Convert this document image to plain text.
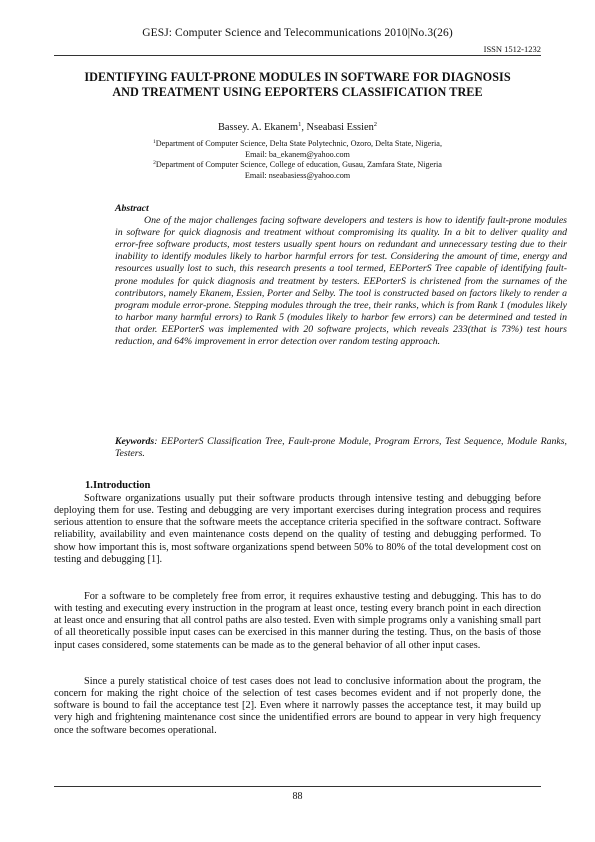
GESJ: Computer Science and Telecommunications 2010|No.3(26)
ISSN 1512-1232
IDENTIFYING FAULT-PRONE MODULES IN SOFTWARE FOR DIAGNOSIS
AND TREATMENT USING EEPORTERS CLASSIFICATION TREE
Bassey. A. Ekanem$^1$, Nseabasi Essien$^2$
$^1$Department of Computer Science, Delta State Polytechnic, Ozoro, Delta State, Nigeria,
Email: ba_ekanem@yahoo.com
$^2$Department of Computer Science, College of education, Gusau, Zamfara State, Nigeria
Email: nseabasiess@yahoo.com
Abstract

One of the major challenges facing software developers and testers is how to identify fault-prone modules in software for quick diagnosis and treatment without compromising its quality. In a bit to deliver quality and error-free software products, most testers usually spent hours on redundant and unnecessary testing due to their inability to identify modules likely to harbor harmful errors for test. Considering the amount of time, energy and resources usually lost to such, this research presents a tool termed, EEPorterS Tree capable of identifying fault-prone modules for quick diagnosis and treatment by testers. EEPorterS is christened from the surnames of the contributors, namely Ekanem, Essien, Porter and Selby. The tool is constructed based on factors likely to render a program module error-prone. Stepping modules through the tree, their ranks, which is from Rank 1 (modules likely to harbor many harmful errors) to Rank 5 (modules likely to harbor few errors) can be determined and tested in that order. EEPorterS was implemented with 20 software projects, which reveals 233(that is 73%) test hours reduction, and 64% improvement in error detection over random testing approach.

Keywords: EEPorterS Classification Tree, Fault-prone Module, Program Errors, Test Sequence, Module Ranks, Testers.
1.Introduction

Software organizations usually put their software products through intensive testing and debugging before deploying them for use. Testing and debugging are very important exercises during integration process and requires serious attention to ensure that the software meets the acceptance criteria specified in the software contract. Software reliability, availability and even maintenance costs depend on the quality of testing and debugging performed. To show how important this is, most software organizations spend between 50% to 80% of the total development cost on testing and debugging [1].

For a software to be completely free from error, it requires exhaustive testing and debugging. This has to do with testing and executing every instruction in the program at least once, testing every branch point in each direction at least once and ensuring that all control paths are also tested. Even with simple programs only a vanishing small part of all theoretically possible input cases can be exercised in this manner during the testing. Thus, on the basis of those input cases considered, some statements can be made as to the general behavior of all other input cases.

Since a purely statistical choice of test cases does not lead to conclusive information about the program, the concern for making the right choice of the selection of test cases becomes evident and if not properly done, the software is bound to fail the acceptance test [2]. Even where it narrowly passes the acceptance test, it may build up very high and frightening maintenance cost since the unidentified errors are bound to appear in very high frequency once the software becomes operational.

88
